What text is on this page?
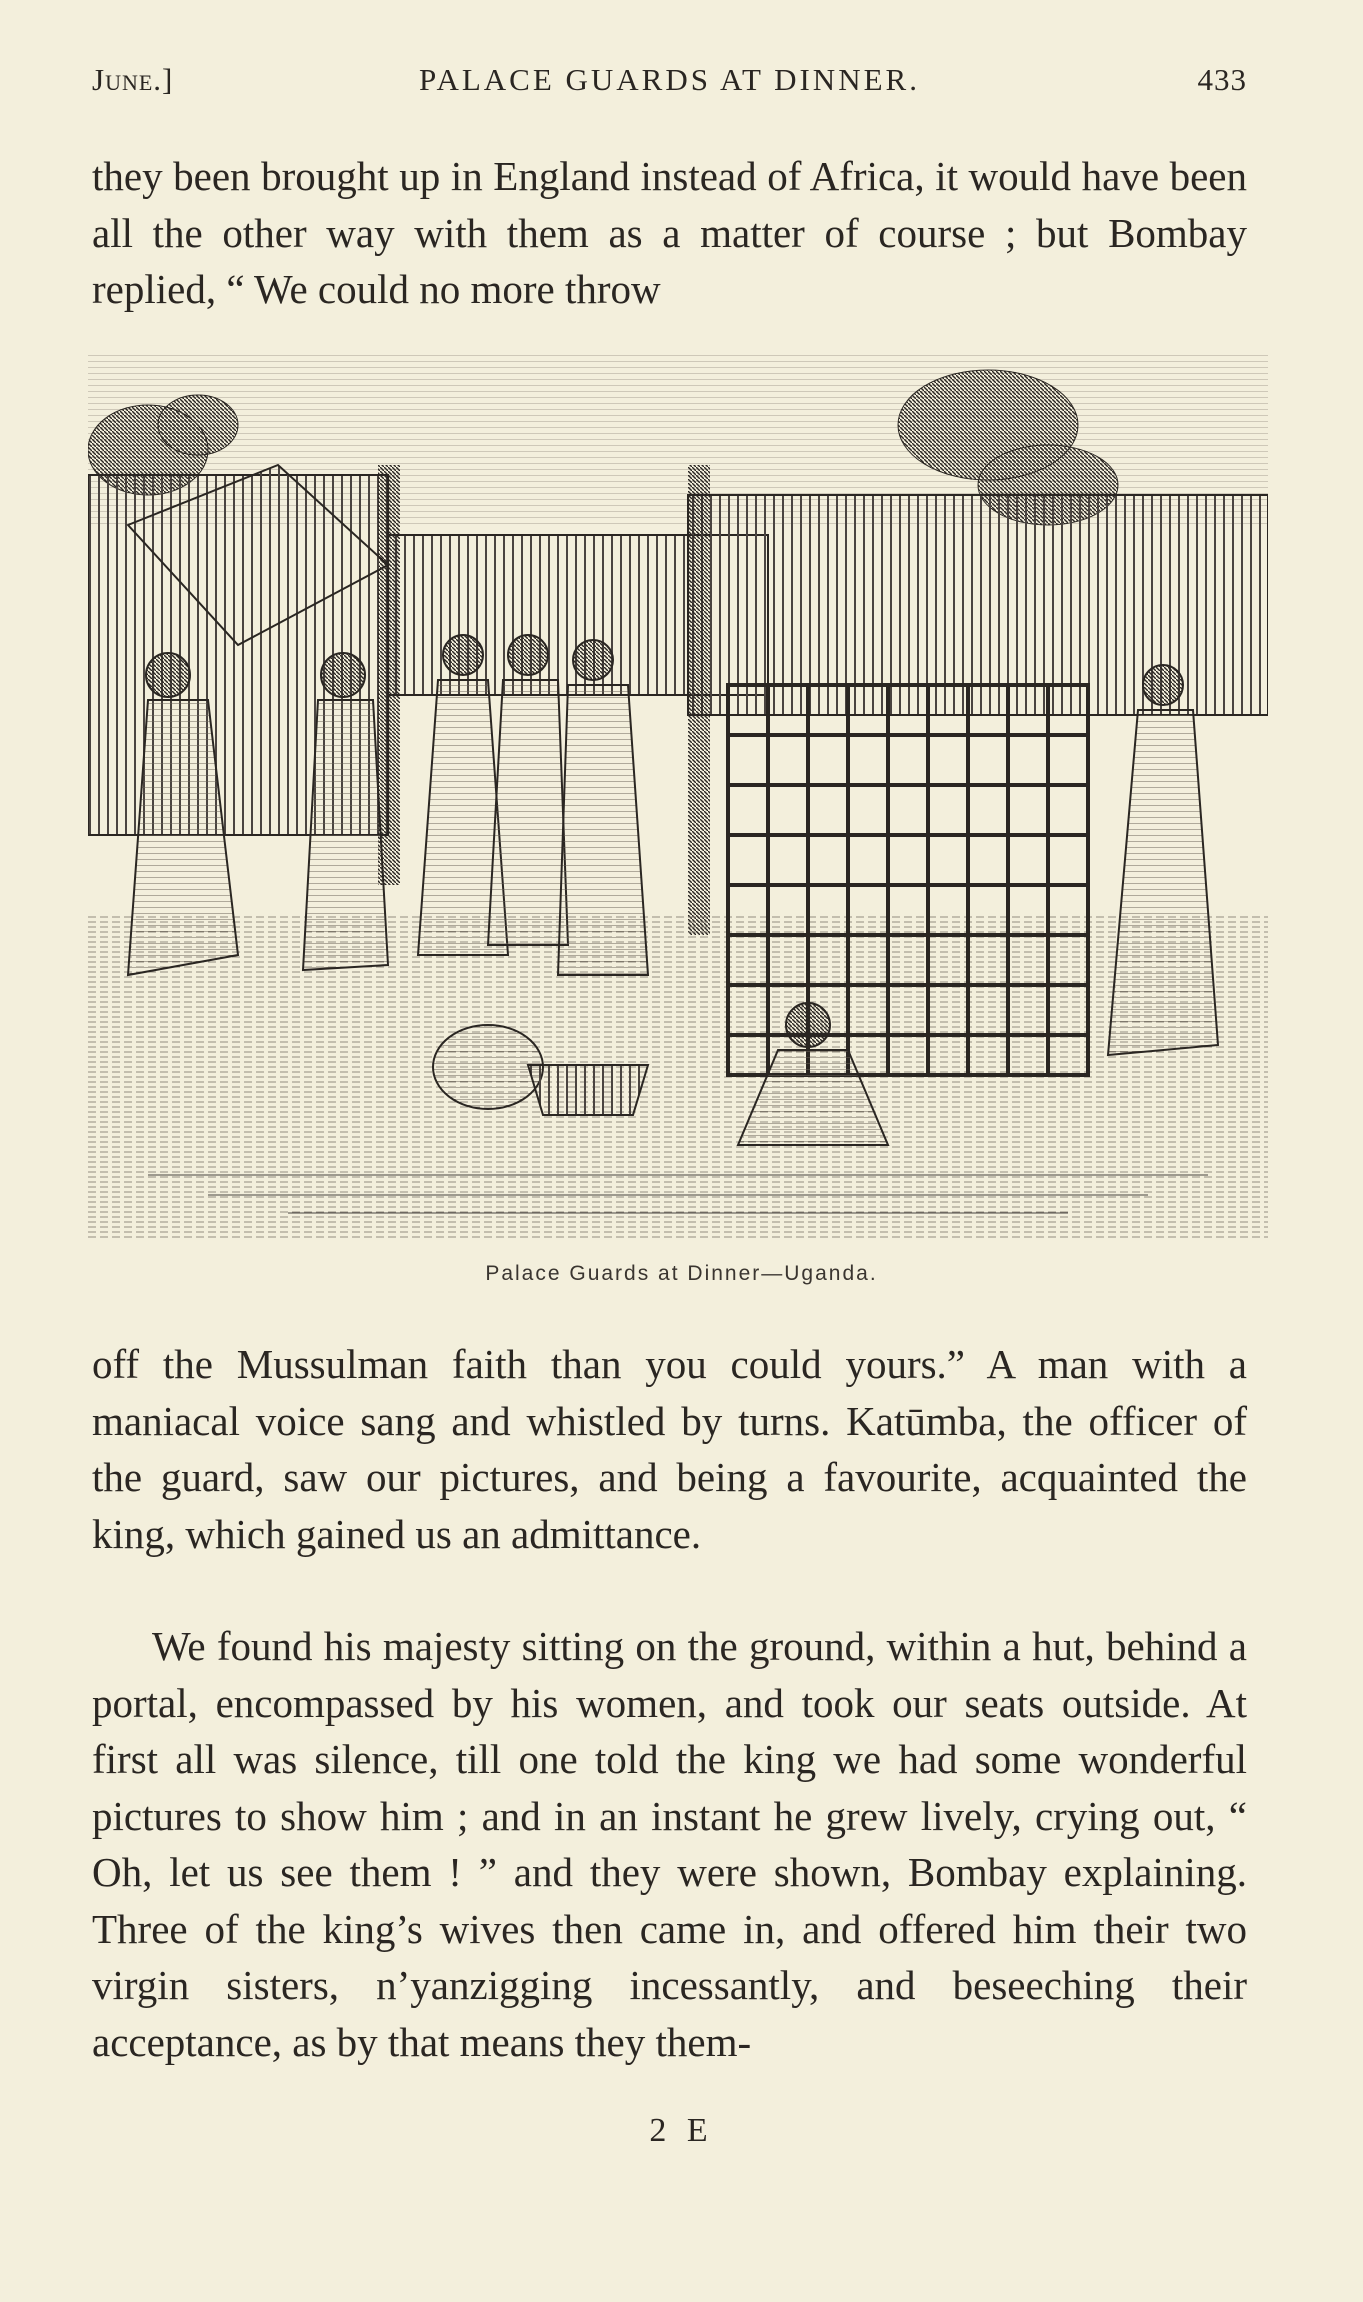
June.]	PALACE GUARDS AT DINNER.	433

they been brought up in England instead of Africa, it would have been all the other way with them as a matter of course ; but Bombay replied, “ We could no more throw

Palace Guards at Dinner—Uganda.

off the Mussulman faith than you could yours.” A man with a maniacal voice sang and whistled by turns. Katūmba, the officer of the guard, saw our pictures, and being a favourite, acquainted the king, which gained us an admittance.

We found his majesty sitting on the ground, within a hut, behind a portal, encompassed by his women, and took our seats outside. At first all was silence, till one told the king we had some wonderful pictures to show him ; and in an instant he grew lively, crying out, “ Oh, let us see them ! ” and they were shown, Bombay explaining. Three of the king’s wives then came in, and offered him their two virgin sisters, n’yanzigging incessantly, and beseeching their acceptance, as by that means they them-

2 E
